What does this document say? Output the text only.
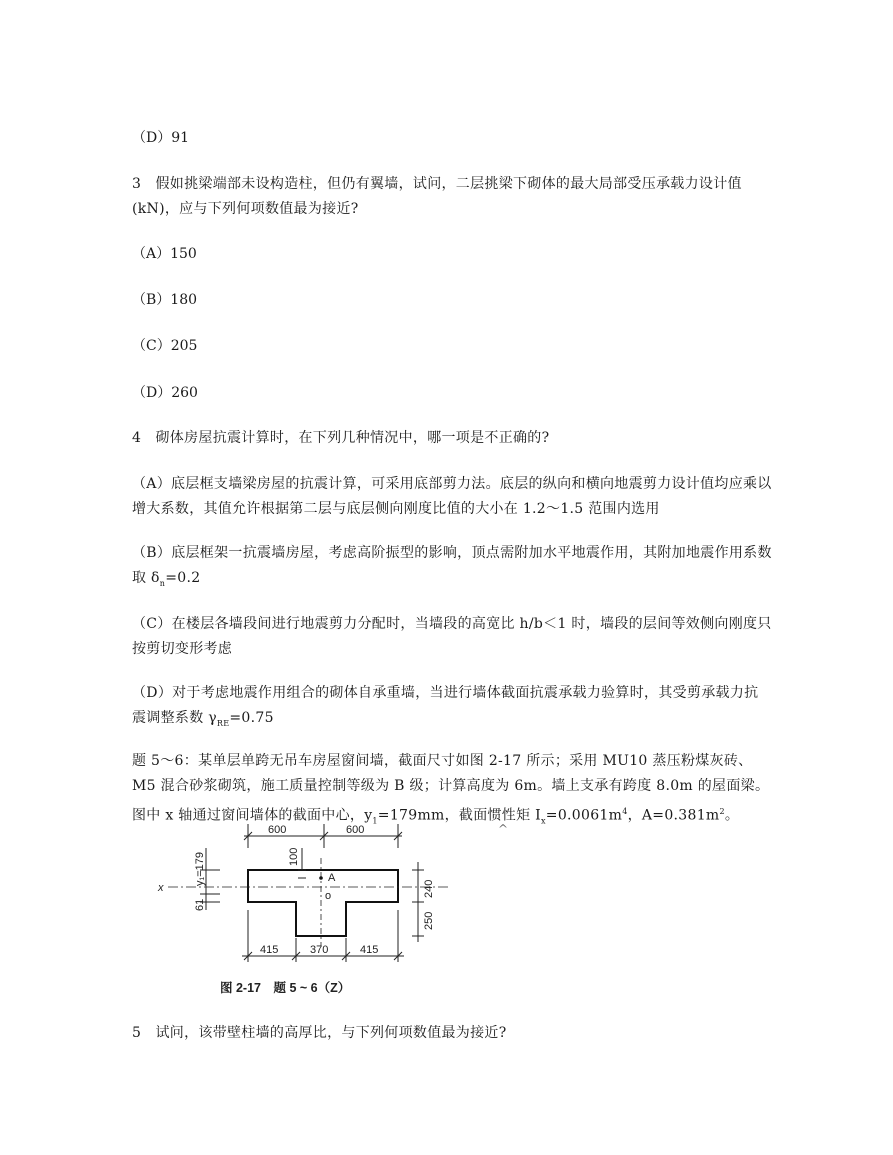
（D）91

3　假如挑梁端部未设构造柱，但仍有翼墙，试问，二层挑梁下砌体的最大局部受压承载力设计值(kN)，应与下列何项数值最为接近?

（A）150

（B）180

（C）205

（D）260

4　砌体房屋抗震计算时，在下列几种情况中，哪一项是不正确的?

（A）底层框支墙梁房屋的抗震计算，可采用底部剪力法。底层的纵向和横向地震剪力设计值均应乘以增大系数，其值允许根据第二层与底层侧向刚度比值的大小在 1.2～1.5 范围内选用

（B）底层框架一抗震墙房屋，考虑高阶振型的影响，顶点需附加水平地震作用，其附加地震作用系数取 $\delta_n=0.2$

（C）在楼层各墙段间进行地震剪力分配时，当墙段的高宽比 h/b＜1 时，墙段的层间等效侧向刚度只按剪切变形考虑

（D）对于考虑地震作用组合的砌体自承重墙，当进行墙体截面抗震承载力验算时，其受剪承载力抗震调整系数 $\gamma_{RE}=0.75$

题 5～6：某单层单跨无吊车房屋窗间墙，截面尺寸如图 2-17 所示；采用 MU10 蒸压粉煤灰砖、M5 混合砂浆砌筑，施工质量控制等级为 B 级；计算高度为 6m。墙上支承有跨度 8.0m 的屋面梁。图中 x 轴通过窗间墙体的截面中心，$y_1=179mm$，截面惯性矩 $I_x=0.0061m^4$，$A=0.381m^2$。

^
600	600
x
A
o
100
y₁=179
61
240
250
415	370	415
图 2-17　题 5 ~ 6（Z）

5　试问，该带壁柱墙的高厚比，与下列何项数值最为接近?
